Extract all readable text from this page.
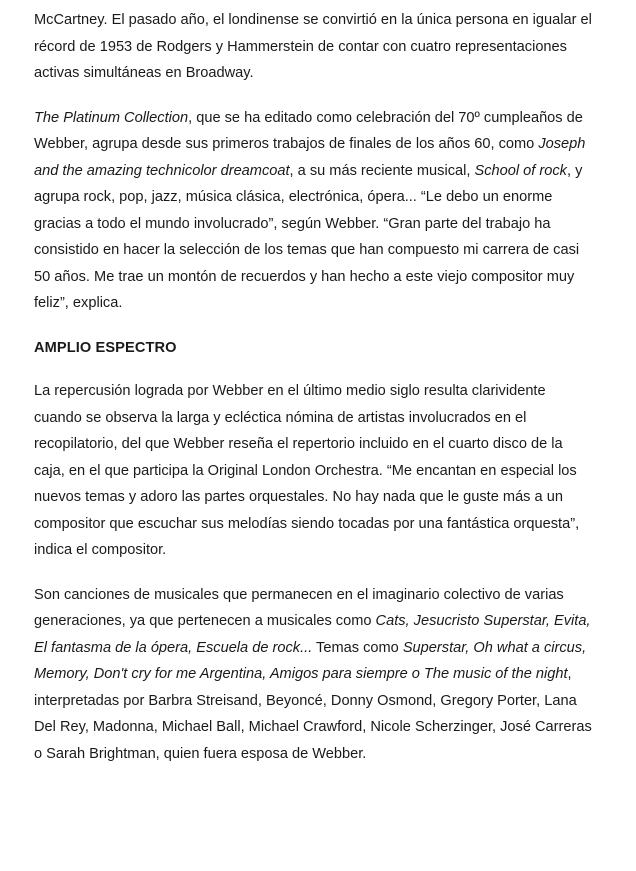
McCartney. El pasado año, el londinense se convirtió en la única persona en igualar el récord de 1953 de Rodgers y Hammerstein de contar con cuatro representaciones activas simultáneas en Broadway.

The Platinum Collection, que se ha editado como celebración del 70º cumpleaños de Webber, agrupa desde sus primeros trabajos de finales de los años 60, como Joseph and the amazing technicolor dreamcoat, a su más reciente musical, School of rock, y agrupa rock, pop, jazz, música clásica, electrónica, ópera... “Le debo un enorme gracias a todo el mundo involucrado”, según Webber. “Gran parte del trabajo ha consistido en hacer la selección de los temas que han compuesto mi carrera de casi 50 años. Me trae un montón de recuerdos y han hecho a este viejo compositor muy feliz”, explica.

AMPLIO ESPECTRO

La repercusión lograda por Webber en el último medio siglo resulta clarividente cuando se observa la larga y ecléctica nómina de artistas involucrados en el recopilatorio, del que Webber reseña el repertorio incluido en el cuarto disco de la caja, en el que participa la Original London Orchestra. “Me encantan en especial los nuevos temas y adoro las partes orquestales. No hay nada que le guste más a un compositor que escuchar sus melodías siendo tocadas por una fantástica orquesta”, indica el compositor.

Son canciones de musicales que permanecen en el imaginario colectivo de varias generaciones, ya que pertenecen a musicales como Cats, Jesucristo Superstar, Evita, El fantasma de la ópera, Escuela de rock... Temas como Superstar, Oh what a circus, Memory, Don't cry for me Argentina, Amigos para siempre o The music of the night, interpretadas por Barbra Streisand, Beyoncé, Donny Osmond, Gregory Porter, Lana Del Rey, Madonna, Michael Ball, Michael Crawford, Nicole Scherzinger, José Carreras o Sarah Brightman, quien fuera esposa de Webber.
